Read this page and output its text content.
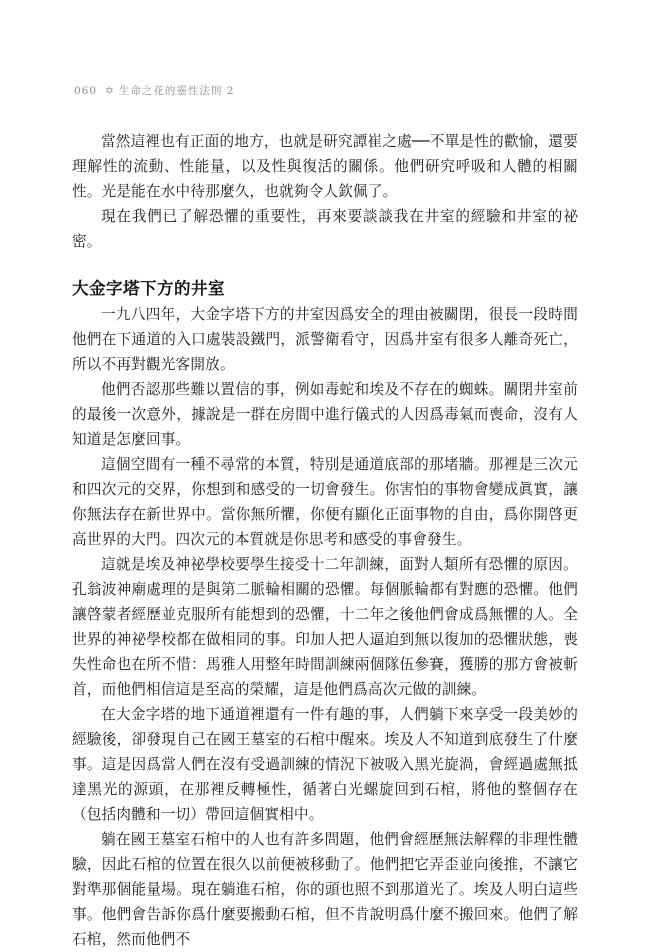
060 ✡ 生命之花的靈性法則 2

當然這裡也有正面的地方，也就是研究譚崔之處──不單是性的歡愉，還要理解性的流動、性能量，以及性與復活的關係。他們研究呼吸和人體的相關性。光是能在水中待那麼久，也就夠令人欽佩了。

現在我們已了解恐懼的重要性，再來要談談我在井室的經驗和井室的祕密。

大金字塔下方的井室

一九八四年，大金字塔下方的井室因爲安全的理由被關閉，很長一段時間他們在下通道的入口處裝設鐵門，派警衛看守，因爲井室有很多人離奇死亡，所以不再對觀光客開放。

他們否認那些難以置信的事，例如毒蛇和埃及不存在的蜘蛛。關閉井室前的最後一次意外，據說是一群在房間中進行儀式的人因爲毒氣而喪命，沒有人知道是怎麼回事。

這個空間有一種不尋常的本質，特別是通道底部的那堵牆。那裡是三次元和四次元的交界，你想到和感受的一切會發生。你害怕的事物會變成眞實，讓你無法存在新世界中。當你無所懼，你便有顯化正面事物的自由，爲你開啓更高世界的大門。四次元的本質就是你思考和感受的事會發生。

這就是埃及神祕學校要學生接受十二年訓練，面對人類所有恐懼的原因。孔翁波神廟處理的是與第二脈輪相關的恐懼。每個脈輪都有對應的恐懼。他們讓啓蒙者經歷並克服所有能想到的恐懼，十二年之後他們會成爲無懼的人。全世界的神祕學校都在做相同的事。印加人把人逼迫到無以復加的恐懼狀態，喪失性命也在所不惜：馬雅人用整年時間訓練兩個隊伍參賽，獲勝的那方會被斬首，而他們相信這是至高的榮耀，這是他們爲高次元做的訓練。

在大金字塔的地下通道裡還有一件有趣的事，人們躺下來享受一段美妙的經驗後，卻發現自己在國王墓室的石棺中醒來。埃及人不知道到底發生了什麼事。這是因爲當人們在沒有受過訓練的情況下被吸入黑光旋渦，會經過處無抵達黑光的源頭，在那裡反轉極性，循著白光螺旋回到石棺，將他的整個存在（包括肉體和一切）帶回這個實相中。

躺在國王墓室石棺中的人也有許多問題，他們會經歷無法解釋的非理性體驗，因此石棺的位置在很久以前便被移動了。他們把它弄歪並向後推，不讓它對準那個能量場。現在躺進石棺，你的頭也照不到那道光了。埃及人明白這些事。他們會告訴你爲什麼要搬動石棺，但不肯說明爲什麼不搬回來。他們了解石棺，然而他們不
